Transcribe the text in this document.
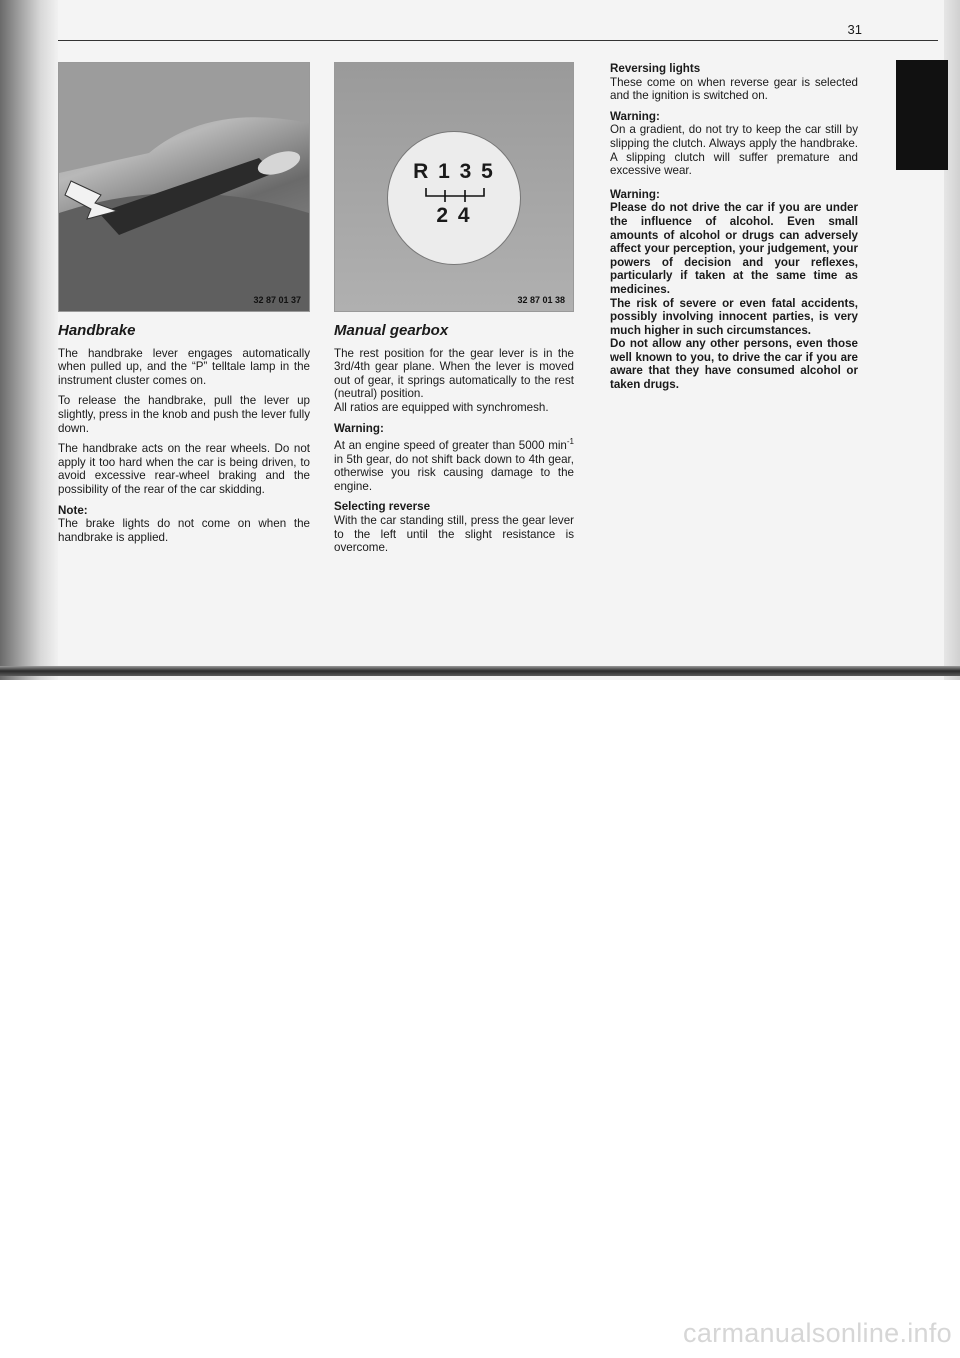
31
32 87 01 37
R 1 3 5
2 4
32 87 01 38
Handbrake

The handbrake lever engages automatically when pulled up, and the “P” telltale lamp in the instrument cluster comes on.

To release the handbrake, pull the lever up slightly, press in the knob and push the lever fully down.

The handbrake acts on the rear wheels. Do not apply it too hard when the car is being driven, to avoid excessive rear-wheel braking and the possibility of the rear of the car skidding.

Note:
The brake lights do not come on when the handbrake is applied.

Manual gearbox

The rest position for the gear lever is in the 3rd/4th gear plane. When the lever is moved out of gear, it springs automatically to the rest (neutral) position.
All ratios are equipped with synchromesh.

Warning:
At an engine speed of greater than 5000 $\min^{-1}$ in 5th gear, do not shift back down to 4th gear, otherwise you risk causing damage to the engine.

Selecting reverse
With the car standing still, press the gear lever to the left until the slight resistance is overcome.

Reversing lights
These come on when reverse gear is selected and the ignition is switched on.

Warning:
On a gradient, do not try to keep the car still by slipping the clutch. Always apply the handbrake. A slipping clutch will suffer premature and excessive wear.

Warning:

Please do not drive the car if you are under the influence of alcohol. Even small amounts of alcohol or drugs can adversely affect your perception, your judgement, your powers of decision and your reflexes, particularly if taken at the same time as medicines.

The risk of severe or even fatal accidents, possibly involving innocent parties, is very much higher in such circumstances.

Do not allow any other persons, even those well known to you, to drive the car if you are aware that they have consumed alcohol or taken drugs.

carmanualsonline.info
